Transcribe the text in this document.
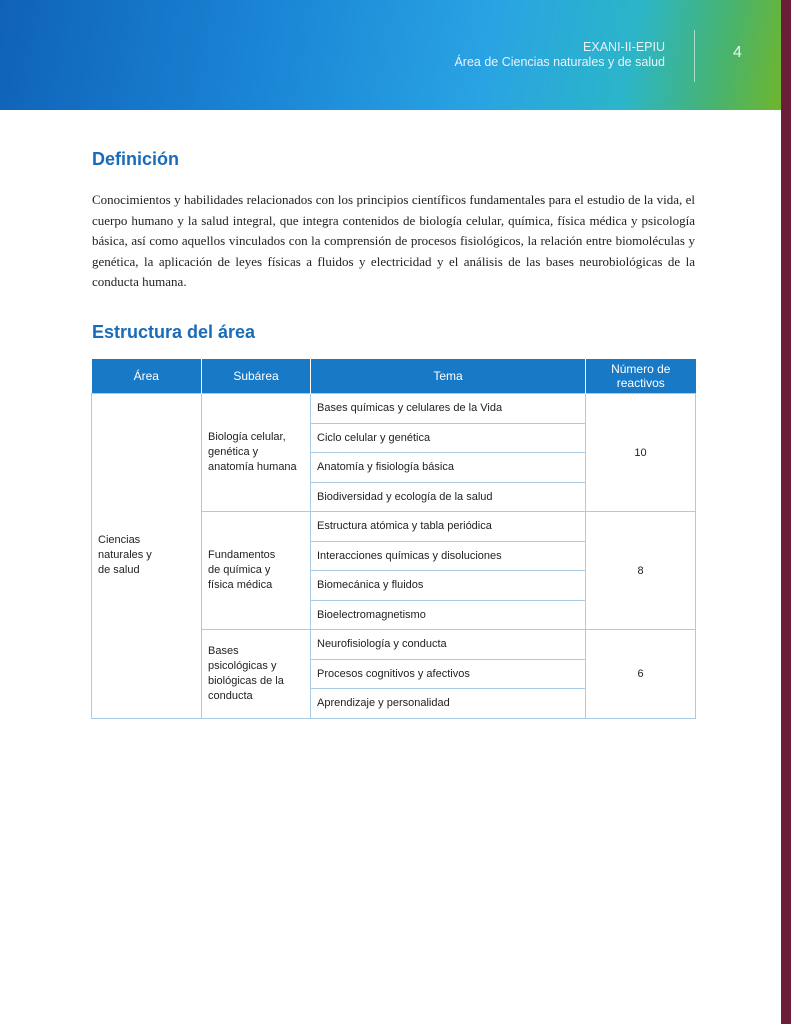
EXANI-II-EPIU
Área de Ciencias naturales y de salud
4
Definición

Conocimientos y habilidades relacionados con los principios científicos fundamentales para el estudio de la vida, el cuerpo humano y la salud integral, que integra contenidos de biología celular, química, física médica y psicología básica, así como aquellos vinculados con la comprensión de procesos fisiológicos, la relación entre biomoléculas y genética, la aplicación de leyes físicas a fluidos y electricidad y el análisis de las bases neurobiológicas de la conducta humana.

Estructura del área
Área	Subárea	Tema	Número de reactivos

Ciencias naturales y de salud	Biología celular, genética y anatomía humana	Bases químicas y celulares de la Vida	10
		Ciclo celular y genética	
		Anatomía y fisiología básica	
		Biodiversidad y ecología de la salud	

	Fundamentos de química y física médica	Estructura atómica y tabla periódica	8
		Interacciones químicas y disoluciones	
		Biomecánica y fluidos	
		Bioelectromagnetismo	

	Bases psicológicas y biológicas de la conducta	Neurofisiología y conducta	6
		Procesos cognitivos y afectivos	
		Aprendizaje y personalidad	
